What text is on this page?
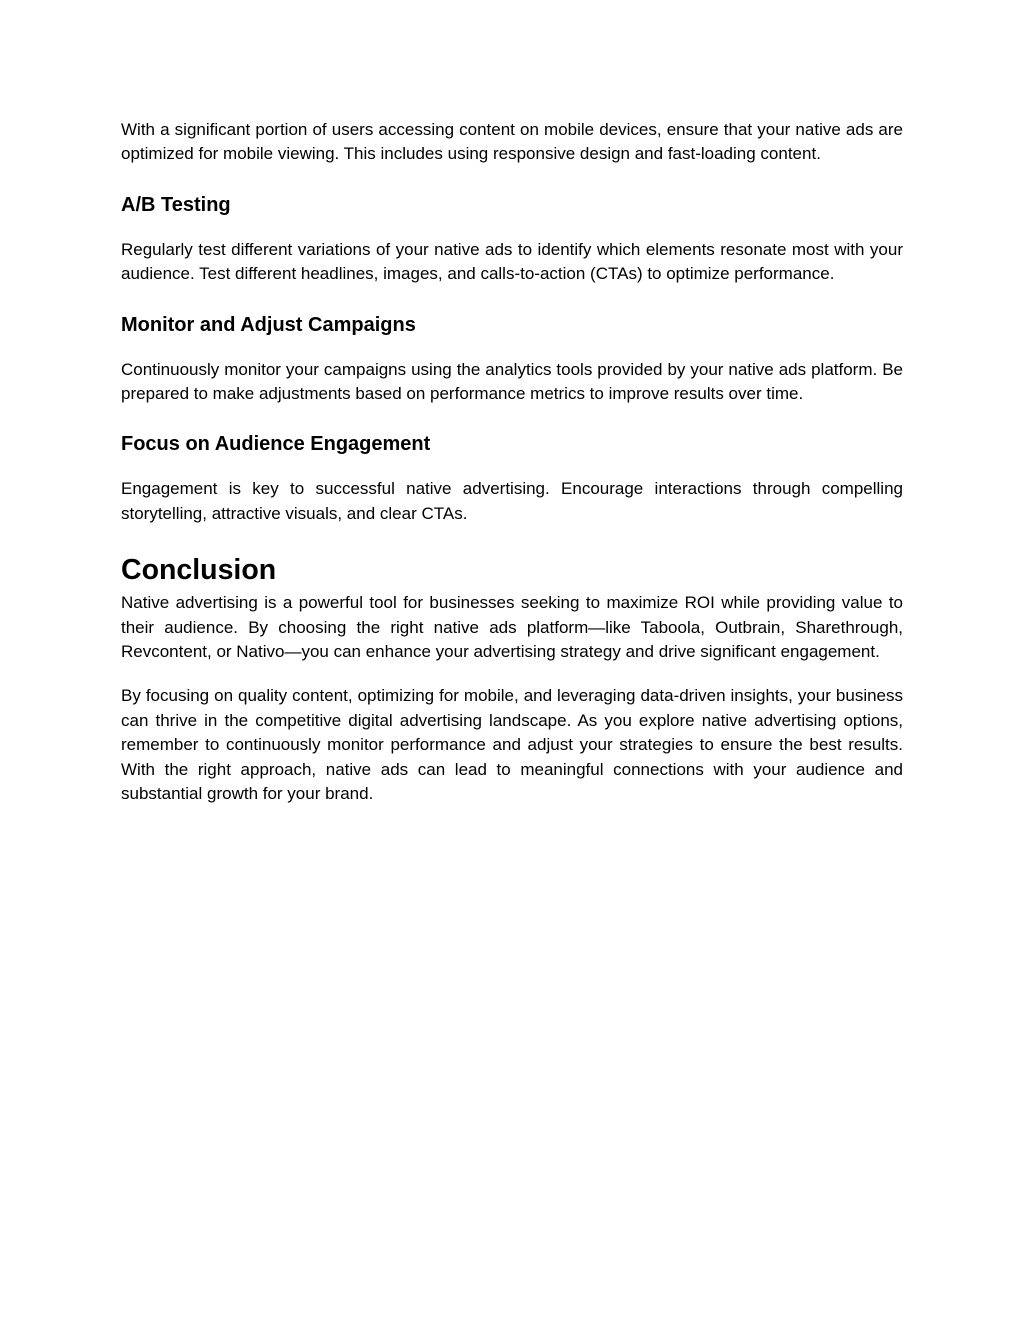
With a significant portion of users accessing content on mobile devices, ensure that your native ads are optimized for mobile viewing. This includes using responsive design and fast-loading content.

A/B Testing

Regularly test different variations of your native ads to identify which elements resonate most with your audience. Test different headlines, images, and calls-to-action (CTAs) to optimize performance.

Monitor and Adjust Campaigns

Continuously monitor your campaigns using the analytics tools provided by your native ads platform. Be prepared to make adjustments based on performance metrics to improve results over time.

Focus on Audience Engagement

Engagement is key to successful native advertising. Encourage interactions through compelling storytelling, attractive visuals, and clear CTAs.

Conclusion

Native advertising is a powerful tool for businesses seeking to maximize ROI while providing value to their audience. By choosing the right native ads platform—like Taboola, Outbrain, Sharethrough, Revcontent, or Nativo—you can enhance your advertising strategy and drive significant engagement.

By focusing on quality content, optimizing for mobile, and leveraging data-driven insights, your business can thrive in the competitive digital advertising landscape. As you explore native advertising options, remember to continuously monitor performance and adjust your strategies to ensure the best results. With the right approach, native ads can lead to meaningful connections with your audience and substantial growth for your brand.
